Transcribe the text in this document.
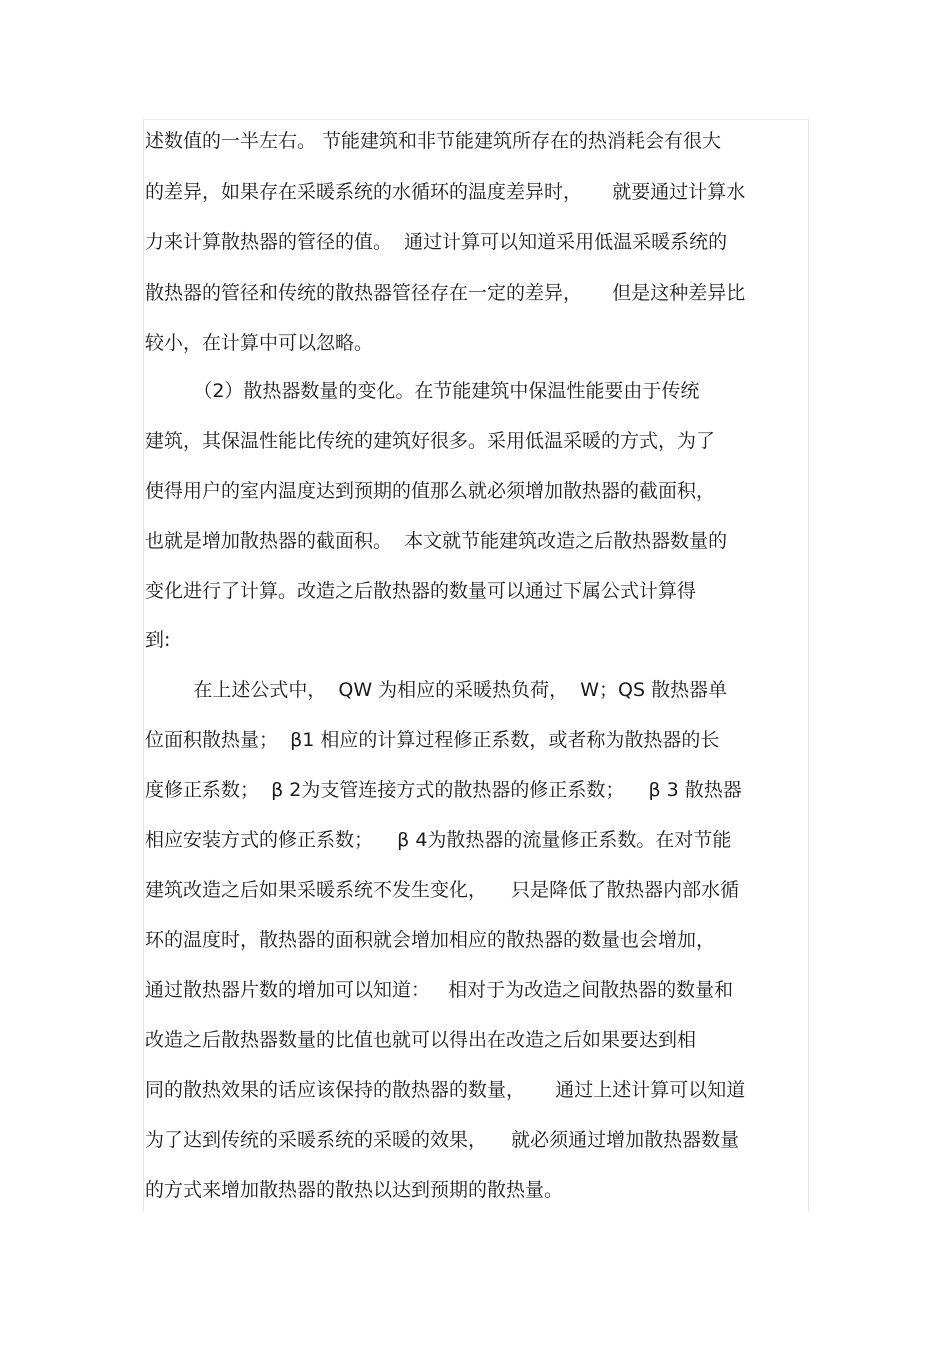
述数值的一半左右。 节能建筑和非节能建筑所存在的热消耗会有很大
的差异，如果存在采暖系统的水循环的温度差异时，     就要通过计算水
力来计算散热器的管径的值。  通过计算可以知道采用低温采暖系统的
散热器的管径和传统的散热器管径存在一定的差异，     但是这种差异比
较小，在计算中可以忽略。
（2）散热器数量的变化。在节能建筑中保温性能要由于传统
建筑，其保温性能比传统的建筑好很多。采用低温采暖的方式，为了
使得用户的室内温度达到预期的值那么就必须增加散热器的截面积，
也就是增加散热器的截面积。  本文就节能建筑改造之后散热器数量的
变化进行了计算。改造之后散热器的数量可以通过下属公式计算得
到:
在上述公式中，  QW 为相应的采暖热负荷，  W；QS 散热器单
位面积散热量；  β1 相应的计算过程修正系数，或者称为散热器的长
度修正系数；  β 2为支管连接方式的散热器的修正系数；    β 3 散热器
相应安装方式的修正系数；    β 4为散热器的流量修正系数。在对节能
建筑改造之后如果采暖系统不发生变化，    只是降低了散热器内部水循
环的温度时，散热器的面积就会增加相应的散热器的数量也会增加，
通过散热器片数的增加可以知道：   相对于为改造之间散热器的数量和
改造之后散热器数量的比值也就可以得出在改造之后如果要达到相
同的散热效果的话应该保持的散热器的数量，     通过上述计算可以知道
为了达到传统的采暖系统的采暖的效果，    就必须通过增加散热器数量
的方式来增加散热器的散热以达到预期的散热量。
